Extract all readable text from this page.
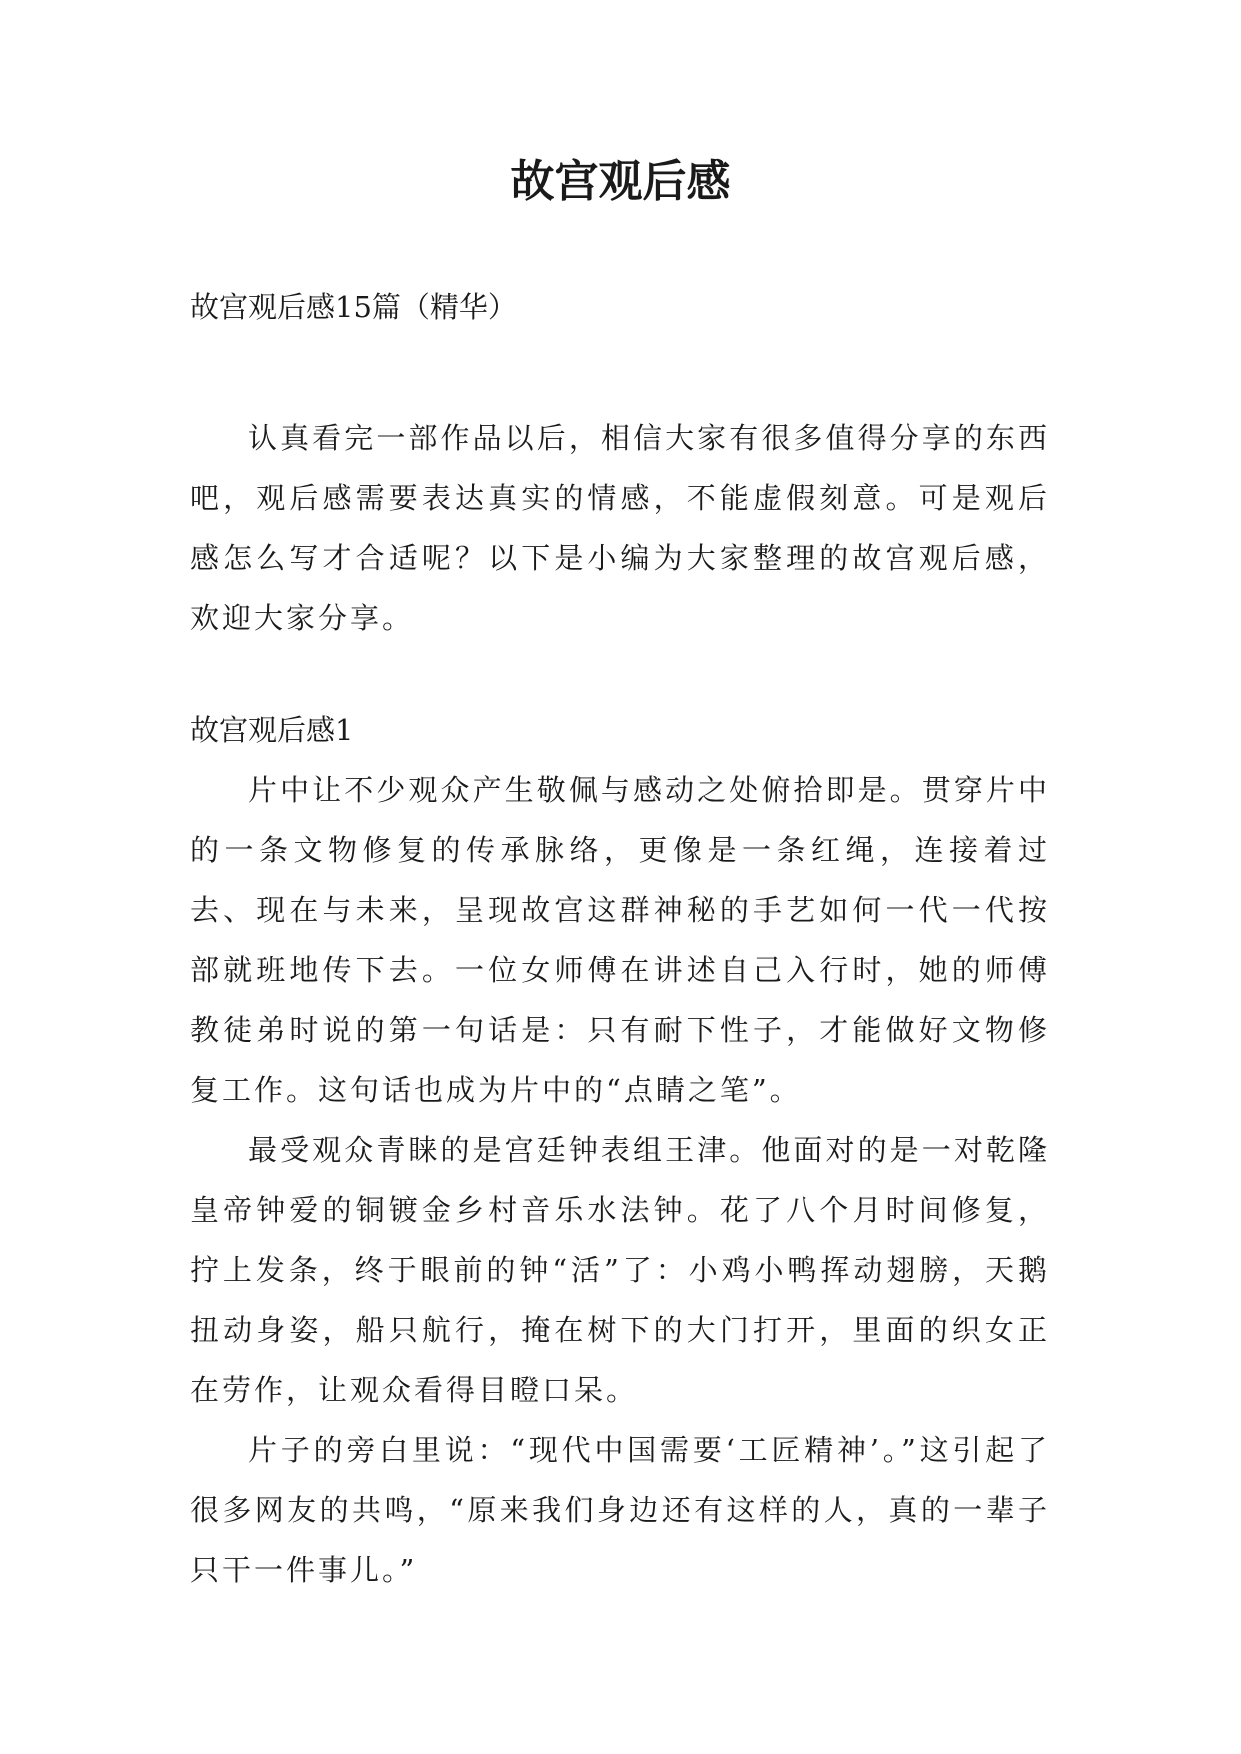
故宫观后感

故宫观后感15篇（精华）

认真看完一部作品以后，相信大家有很多值得分享的东西吧，观后感需要表达真实的情感，不能虚假刻意。可是观后感怎么写才合适呢？以下是小编为大家整理的故宫观后感，欢迎大家分享。

故宫观后感1

片中让不少观众产生敬佩与感动之处俯拾即是。贯穿片中的一条文物修复的传承脉络，更像是一条红绳，连接着过去、现在与未来，呈现故宫这群神秘的手艺如何一代一代按部就班地传下去。一位女师傅在讲述自己入行时，她的师傅教徒弟时说的第一句话是：只有耐下性子，才能做好文物修复工作。这句话也成为片中的“点睛之笔”。

最受观众青睐的是宫廷钟表组王津。他面对的是一对乾隆皇帝钟爱的铜镀金乡村音乐水法钟。花了八个月时间修复，拧上发条，终于眼前的钟“活”了：小鸡小鸭挥动翅膀，天鹅扭动身姿，船只航行，掩在树下的大门打开，里面的织女正在劳作，让观众看得目瞪口呆。

片子的旁白里说：“现代中国需要‘工匠精神’。”这引起了很多网友的共鸣，“原来我们身边还有这样的人，真的一辈子只干一件事儿。”
